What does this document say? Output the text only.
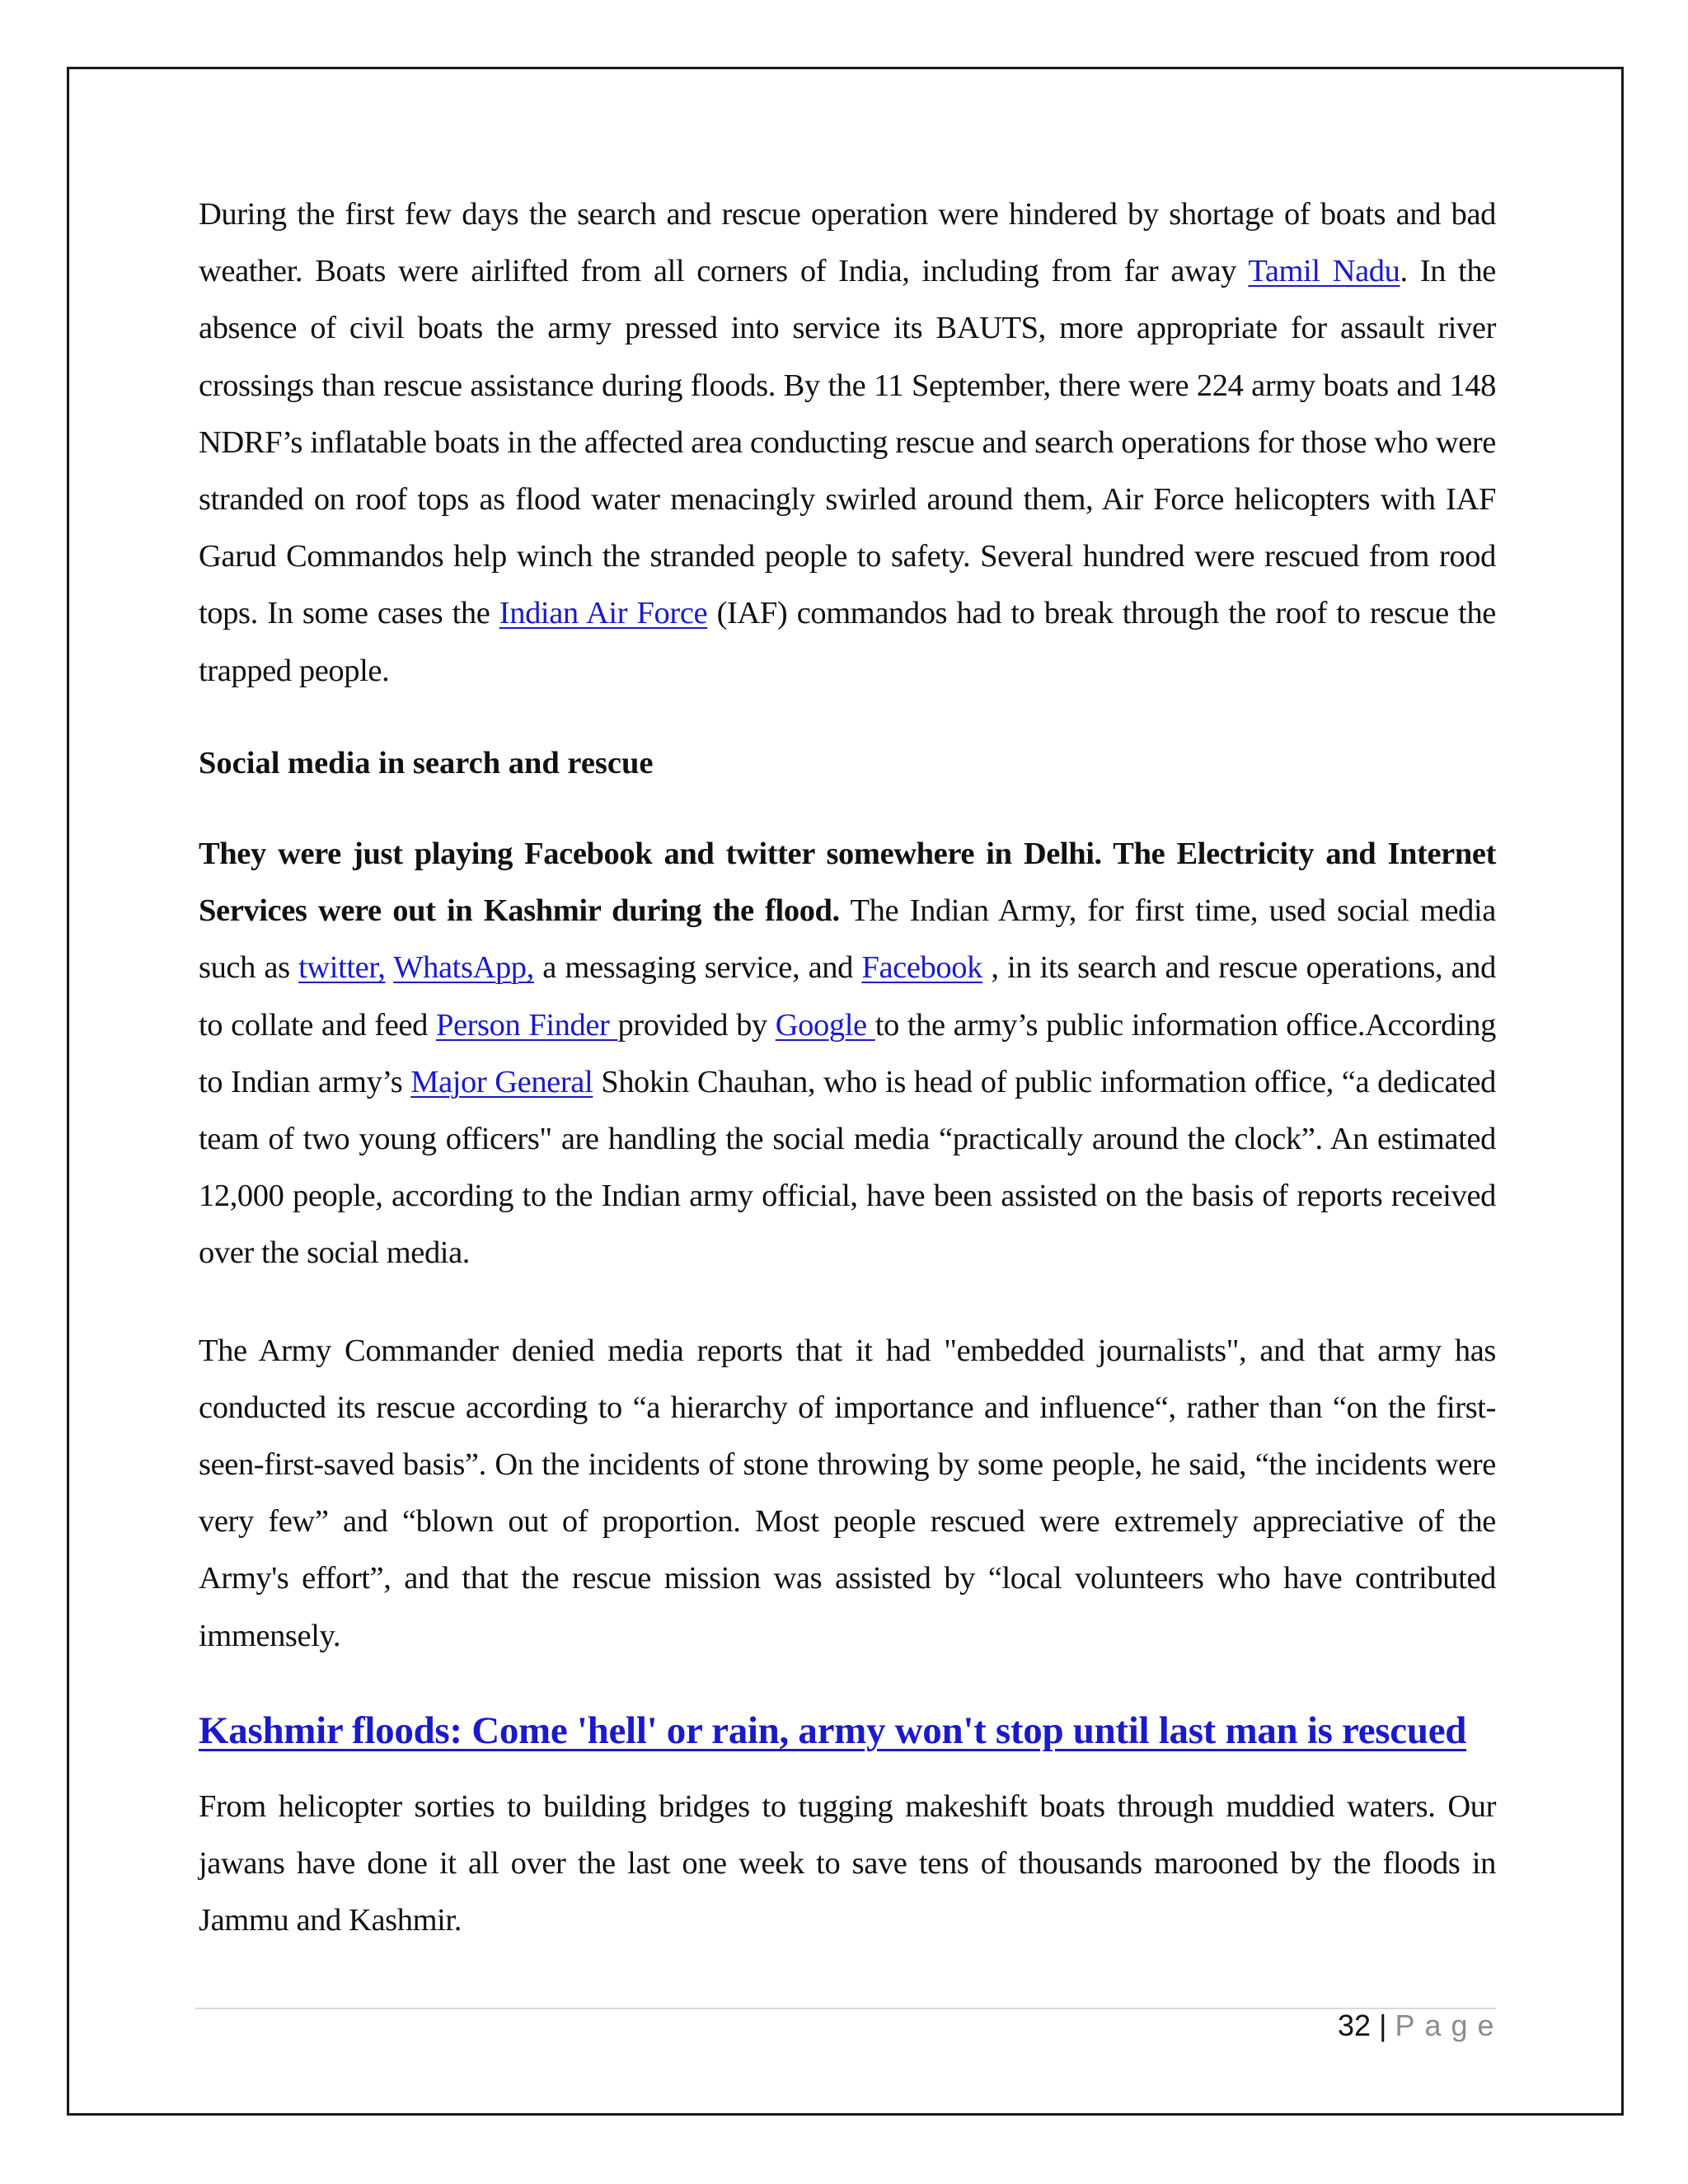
During the first few days the search and rescue operation were hindered by shortage of boats and bad weather. Boats were airlifted from all corners of India, including from far away Tamil Nadu. In the absence of civil boats the army pressed into service its BAUTS, more appropriate for assault river crossings than rescue assistance during floods. By the 11 September, there were 224 army boats and 148 NDRF’s inflatable boats in the affected area conducting rescue and search operations for those who were stranded on roof tops as flood water menacingly swirled around them, Air Force helicopters with IAF Garud Commandos help winch the stranded people to safety. Several hundred were rescued from rood tops. In some cases the Indian Air Force (IAF) commandos had to break through the roof to rescue the trapped people.

Social media in search and rescue

They were just playing Facebook and twitter somewhere in Delhi. The Electricity and Internet Services were out in Kashmir during the flood. The Indian Army, for first time, used social media such as twitter, WhatsApp, a messaging service, and Facebook , in its search and rescue operations, and to collate and feed Person Finder provided by Google to the army’s public information office.According to Indian army’s Major General Shokin Chauhan, who is head of public information office, “a dedicated team of two young officers" are handling the social media “practically around the clock”. An estimated 12,000 people, according to the Indian army official, have been assisted on the basis of reports received over the social media.

The Army Commander denied media reports that it had "embedded journalists", and that army has conducted its rescue according to “a hierarchy of importance and influence“, rather than “on the first-seen-first-saved basis”. On the incidents of stone throwing by some people, he said, “the incidents were very few” and “blown out of proportion. Most people rescued were extremely appreciative of the Army's effort”, and that the rescue mission was assisted by “local volunteers who have contributed immensely.

Kashmir floods: Come 'hell' or rain, army won't stop until last man is rescued

From helicopter sorties to building bridges to tugging makeshift boats through muddied waters. Our jawans have done it all over the last one week to save tens of thousands marooned by the floods in Jammu and Kashmir.

32 | Page
